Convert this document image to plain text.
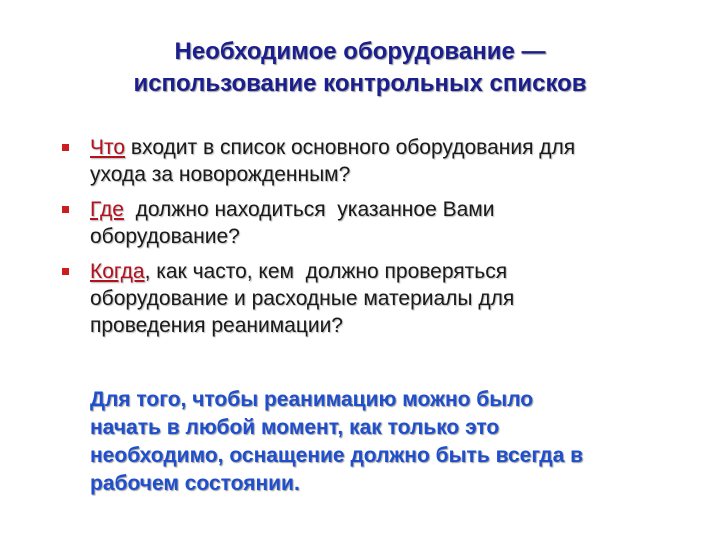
Необходимое оборудование —
использование контрольных списков
Что входит в список основного оборудования для
ухода за новорожденным?
Где  должно находиться  указанное Вами
оборудование?
Когда, как часто, кем  должно проверяться
оборудование и расходные материалы для
проведения реанимации?
Для того, чтобы реанимацию можно было
начать в любой момент, как только это
необходимо, оснащение должно быть всегда в
рабочем состоянии.
